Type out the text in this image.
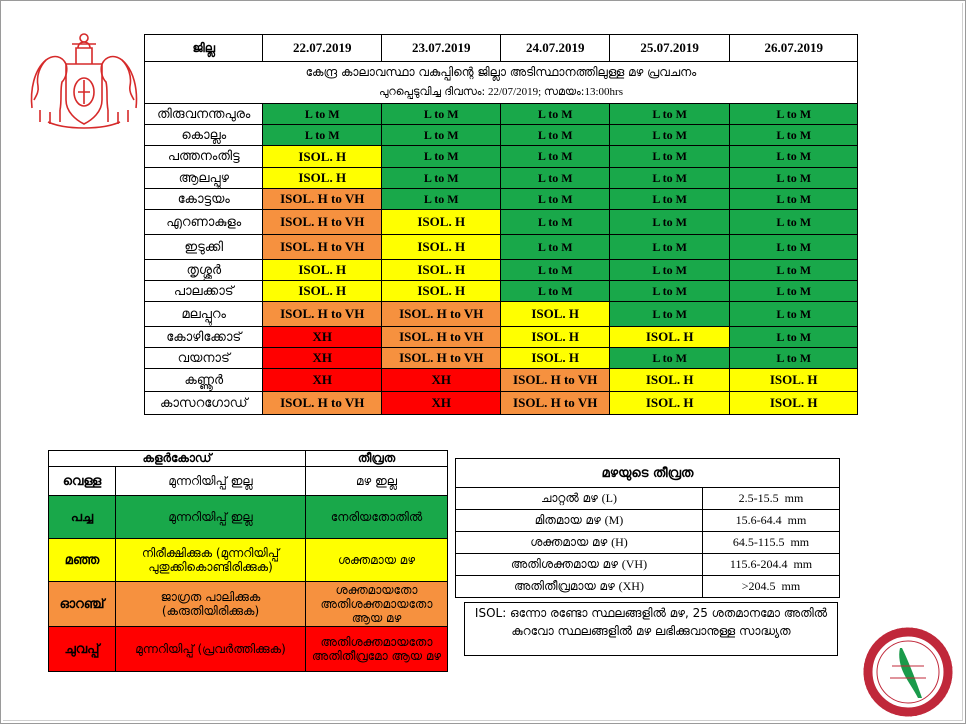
കേന്ദ്ര കാലാവസ്ഥാ വകുപ്പിന്റെ ജില്ലാ അടിസ്ഥാനത്തിലുള്ള മഴ പ്രവചനം
പുറപ്പെടുവിച്ച ദിവസം: 22/07/2019; സമയം:13:00hrs					

ജില്ല	22.07.2019	23.07.2019	24.07.2019	25.07.2019	26.07.2019
തിരുവനന്തപുരം	L to M	L to M	L to M	L to M	L to M
കൊല്ലം	L to M	L to M	L to M	L to M	L to M
പത്തനംതിട്ട	ISOL. H	L to M	L to M	L to M	L to M
ആലപ്പുഴ	ISOL. H	L to M	L to M	L to M	L to M
കോട്ടയം	ISOL. H to VH	L to M	L to M	L to M	L to M
എറണാകുളം	ISOL. H to VH	ISOL. H	L to M	L to M	L to M
ഇടുക്കി	ISOL. H to VH	ISOL. H	L to M	L to M	L to M
തൃശ്ശൂർ	ISOL. H	ISOL. H	L to M	L to M	L to M
പാലക്കാട്	ISOL. H	ISOL. H	L to M	L to M	L to M
മലപ്പുറം	ISOL. H to VH	ISOL. H to VH	ISOL. H	L to M	L to M
കോഴിക്കോട്	XH	ISOL. H to VH	ISOL. H	ISOL. H	L to M
വയനാട്	XH	ISOL. H to VH	ISOL. H	L to M	L to M
കണ്ണൂർ	XH	XH	ISOL. H to VH	ISOL. H	ISOL. H
കാസറഗോഡ്	ISOL. H to VH	XH	ISOL. H to VH	ISOL. H	ISOL. H
കളർകോഡ്		തീവ്രത
വെള്ള	മുന്നറിയിപ്പ് ഇല്ല	മഴ ഇല്ല
പച്ച	മുന്നറിയിപ്പ് ഇല്ല	നേരിയതോതിൽ
മഞ്ഞ	നിരീക്ഷിക്കുക (മുന്നറിയിപ്പ് പുതുക്കികൊണ്ടിരിക്കുക)	ശക്തമായ മഴ
ഓറഞ്ച്	ജാഗ്രത പാലിക്കുക (കരുതിയിരിക്കുക)	ശക്തമായതോ അതിശക്തമായതോ ആയ മഴ
ചുവപ്പ്	മുന്നറിയിപ്പ് (പ്രവർത്തിക്കുക)	അതിശക്തമായതോ അതിതീവ്രമോ ആയ മഴ
മഴയുടെ തീവ്രത	
ചാറ്റൽ മഴ (L)	2.5-15.5  mm
മിതമായ മഴ (M)	15.6-64.4  mm
ശക്തമായ മഴ (H)	64.5-115.5  mm
അതിശക്തമായ മഴ (VH)	115.6-204.4  mm
അതിതീവ്രമായ മഴ (XH)	>204.5  mm
ISOL: ഒന്നോ രണ്ടോ സ്ഥലങ്ങളിൽ മഴ, 25 ശതമാനമോ അതിൽ കുറവോ സ്ഥലങ്ങളിൽ മഴ ലഭിക്കുവാനുള്ള സാദ്ധ്യത
